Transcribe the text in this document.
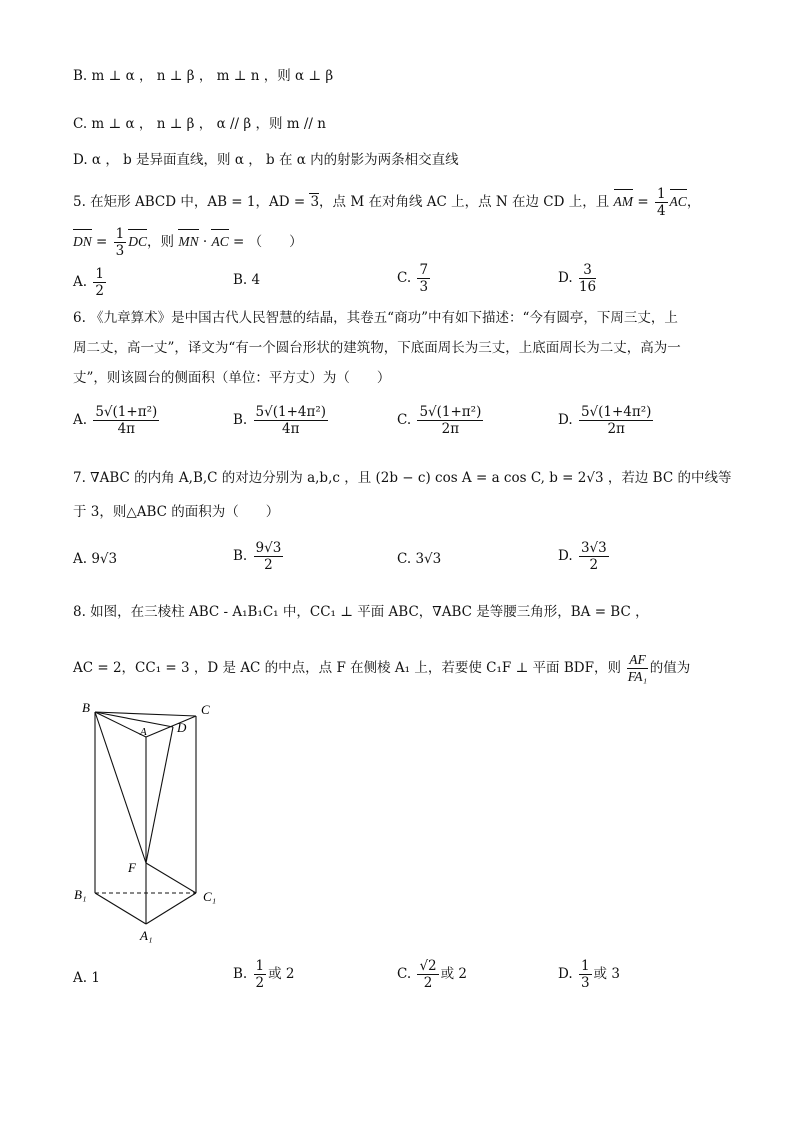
B. m ⊥ α ， n ⊥ β ， m ⊥ n ，则 α ⊥ β
C. m ⊥ α ， n ⊥ β ， α // β ，则 m // n
D. α ， b 是异面直线，则 α ， b 在 α 内的射影为两条相交直线
5. 在矩形 ABCD 中，AB = 1，AD = 3，点 M 在对角线 AC 上，点 N 在边 CD 上，且 AM = $\frac{1}{4}$ AC，
DN = $\frac{1}{3}$ DC，则 MN · AC = （　　）
A. $\frac{1}{2}$	B. 4	C. $\frac{7}{3}$	D. $\frac{3}{16}$
6. 《九章算术》是中国古代人民智慧的结晶，其卷五“商功”中有如下描述：“今有圆亭，下周三丈，上
周二丈，高一丈”，译文为“有一个圆台形状的建筑物，下底面周长为三丈，上底面周长为二丈，高为一
丈”，则该圆台的侧面积（单位：平方丈）为（　　）
A. $\frac{\text{5√(1+π²)}}{4\pi}$	B. $\frac{\text{5√(1+4π²)}}{4\pi}$	C. $\frac{\text{5√(1+π²)}}{2\pi}$	D. $\frac{\text{5√(1+4π²)}}{2\pi}$
7. ∇ABC 的内角 A,B,C 的对边分别为 a,b,c ，且 (2b − c) cos A = a cos C, b = 2√3 ，若边 BC 的中线等
于 3，则△ABC 的面积为（　　）
A. 9√3	B. $\frac{9√3}{2}$	C. 3√3	D. $\frac{3√3}{2}$
8. 如图，在三棱柱 ABC - A₁B₁C₁ 中，CC₁ ⊥ 平面 ABC，∇ABC 是等腰三角形，BA = BC ，
AC = 2，CC₁ = 3 ，D 是 AC 的中点，点 F 在侧棱 A₁ 上，若要使 C₁F ⊥ 平面 BDF，则 $\frac{AF}{\text{FA₁}}$ 的值为
B	C
A D
F
B₁	C₁
A₁
A. 1	B. $\frac{1}{2}$ 或 2	C. $\frac{√2}{2}$ 或 2	D. $\frac{1}{3}$ 或 3
